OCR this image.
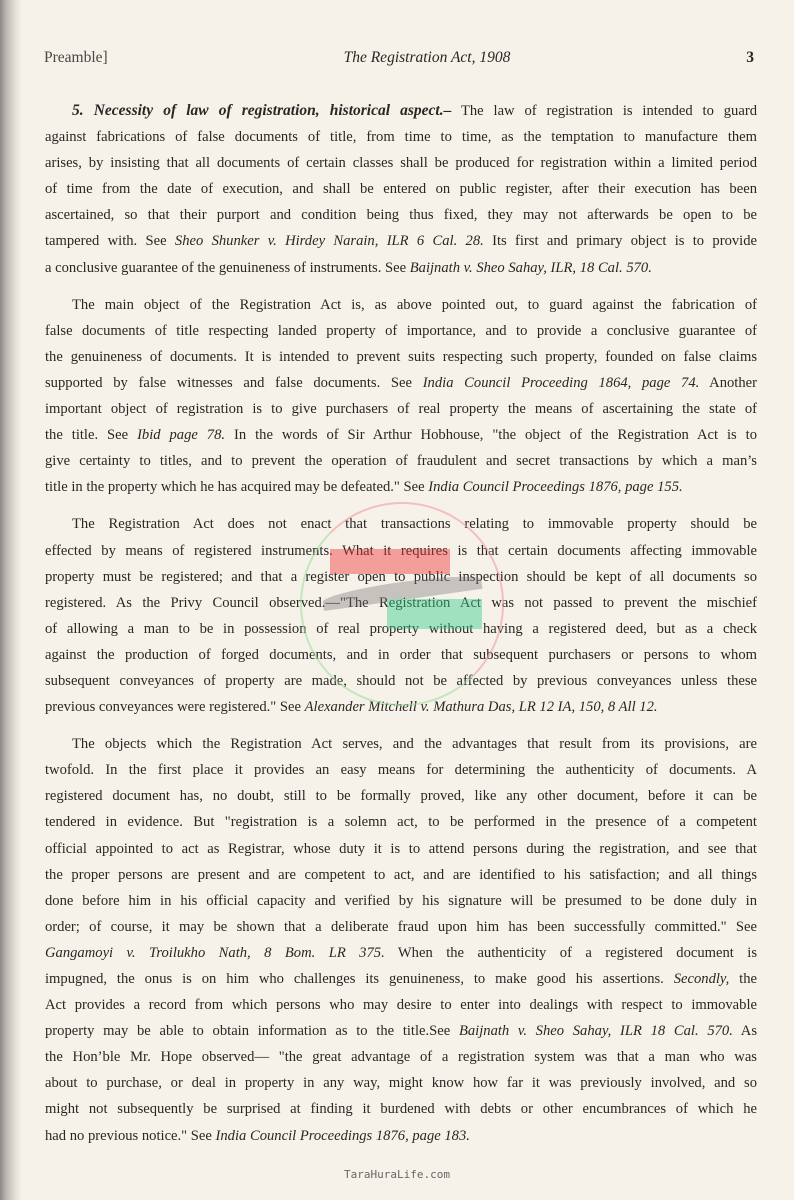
Preamble]	The Registration Act, 1908	3
5. Necessity of law of registration, historical aspect.– The law of registration is intended to guard
against fabrications of false documents of title, from time to time, as the temptation to manufacture them
arises, by insisting that all documents of certain classes shall be produced for registration within a limited period
of time from the date of execution, and shall be entered on public register, after their execution has been
ascertained, so that their purport and condition being thus fixed, they may not afterwards be open to be
tampered with. See Sheo Shunker v. Hirdey Narain, ILR 6 Cal. 28. Its first and primary object is to provide
a conclusive guarantee of the genuineness of instruments. See Baijnath v. Sheo Sahay, ILR, 18 Cal. 570.
The main object of the Registration Act is, as above pointed out, to guard against the fabrication of
false documents of title respecting landed property of importance, and to provide a conclusive guarantee of
the genuineness of documents. It is intended to prevent suits respecting such property, founded on false claims
supported by false witnesses and false documents. See India Council Proceeding 1864, page 74. Another
important object of registration is to give purchasers of real property the means of ascertaining the state of
the title. See Ibid page 78. In the words of Sir Arthur Hobhouse, "the object of the Registration Act is to
give certainty to titles, and to prevent the operation of fraudulent and secret transactions by which a man’s
title in the property which he has acquired may be defeated." See India Council Proceedings 1876, page 155.
The Registration Act does not enact that transactions relating to immovable property should be
effected by means of registered instruments. What it requires is that certain documents affecting immovable
property must be registered; and that a register open to public inspection should be kept of all documents so
registered. As the Privy Council observed.—"The Registration Act was not passed to prevent the mischief
of allowing a man to be in possession of real property without having a registered deed, but as a check
against the production of forged documents, and in order that subsequent purchasers or persons to whom
subsequent conveyances of property are made, should not be affected by previous conveyances unless these
previous conveyances were registered." See Alexander Mitchell v. Mathura Das, LR 12 IA, 150, 8 All 12.
The objects which the Registration Act serves, and the advantages that result from its provisions, are
twofold. In the first place it provides an easy means for determining the authenticity of documents. A
registered document has, no doubt, still to be formally proved, like any other document, before it can be
tendered in evidence. But "registration is a solemn act, to be performed in the presence of a competent
official appointed to act as Registrar, whose duty it is to attend persons during the registration, and see that
the proper persons are present and are competent to act, and are identified to his satisfaction; and all things
done before him in his official capacity and verified by his signature will be presumed to be done duly in
order; of course, it may be shown that a deliberate fraud upon him has been successfully committed." See
Gangamoyi v. Troilukho Nath, 8 Bom. LR 375. When the authenticity of a registered document is
impugned, the onus is on him who challenges its genuineness, to make good his assertions. Secondly, the
Act provides a record from which persons who may desire to enter into dealings with respect to immovable
property may be able to obtain information as to the title.See Baijnath v. Sheo Sahay, ILR 18 Cal. 570. As
the Hon’ble Mr. Hope observed— "the great advantage of a registration system was that a man who was
about to purchase, or deal in property in any way, might know how far it was previously involved, and so
might not subsequently be surprised at finding it burdened with debts or other encumbrances of which he
had no previous notice." See India Council Proceedings 1876, page 183.
TaraHuraLife.com
